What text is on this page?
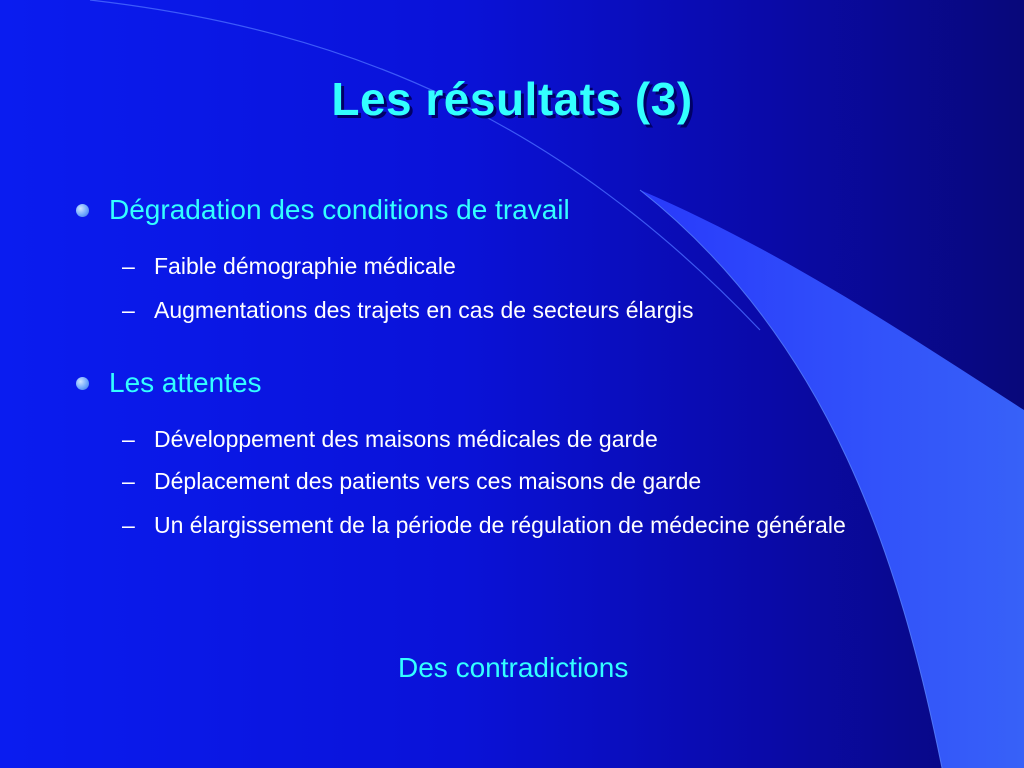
Les résultats (3)
Dégradation des conditions de travail
– Faible démographie médicale
– Augmentations des trajets en cas de secteurs élargis
Les attentes
– Développement des maisons médicales de garde
– Déplacement des patients vers ces maisons de garde
– Un élargissement de la période de régulation de médecine générale
Des contradictions
